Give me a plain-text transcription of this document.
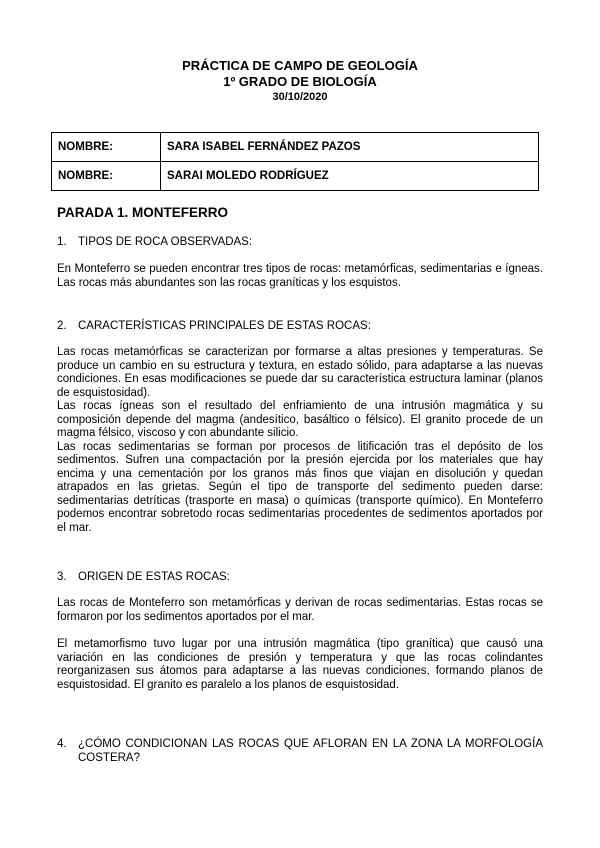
PRÁCTICA DE CAMPO DE GEOLOGÍA
1º GRADO DE BIOLOGÍA
30/10/2020
NOMBRE:	SARA ISABEL FERNÁNDEZ PAZOS
NOMBRE:	SARAI MOLEDO RODRÍGUEZ
PARADA 1. MONTEFERRO
1. TIPOS DE ROCA OBSERVADAS:

En Monteferro se pueden encontrar tres tipos de rocas: metamórficas, sedimentarias e ígneas. Las rocas más abundantes son las rocas graníticas y los esquistos.

2. CARACTERÍSTICAS PRINCIPALES DE ESTAS ROCAS:

Las rocas metamórficas se caracterizan por formarse a altas presiones y temperaturas. Se produce un cambio en su estructura y textura, en estado sólido, para adaptarse a las nuevas condiciones. En esas modificaciones se puede dar su característica estructura laminar (planos de esquistosidad).

Las rocas ígneas son el resultado del enfriamiento de una intrusión magmática y su composición depende del magma (andesítico, basáltico o félsico). El granito procede de un magma félsico, viscoso y con abundante silicio.

Las rocas sedimentarias se forman por procesos de litificación tras el depósito de los sedimentos. Sufren una compactación por la presión ejercida por los materiales que hay encima y una cementación por los granos más finos que viajan en disolución y quedan atrapados en las grietas. Según el tipo de transporte del sedimento pueden darse: sedimentarias detríticas (trasporte en masa) o químicas (transporte químico). En Monteferro podemos encontrar sobretodo rocas sedimentarias procedentes de sedimentos aportados por el mar.

3. ORIGEN DE ESTAS ROCAS:

Las rocas de Monteferro son metamórficas y derivan de rocas sedimentarias. Estas rocas se formaron por los sedimentos aportados por el mar.

El metamorfismo tuvo lugar por una intrusión magmática (tipo granítica) que causó una variación en las condiciones de presión y temperatura y que las rocas colindantes reorganizasen sus átomos para adaptarse a las nuevas condiciones, formando planos de esquistosidad. El granito es paralelo a los planos de esquistosidad.

4. ¿CÓMO CONDICIONAN LAS ROCAS QUE AFLORAN EN LA ZONA LA MORFOLOGÍA COSTERA?
